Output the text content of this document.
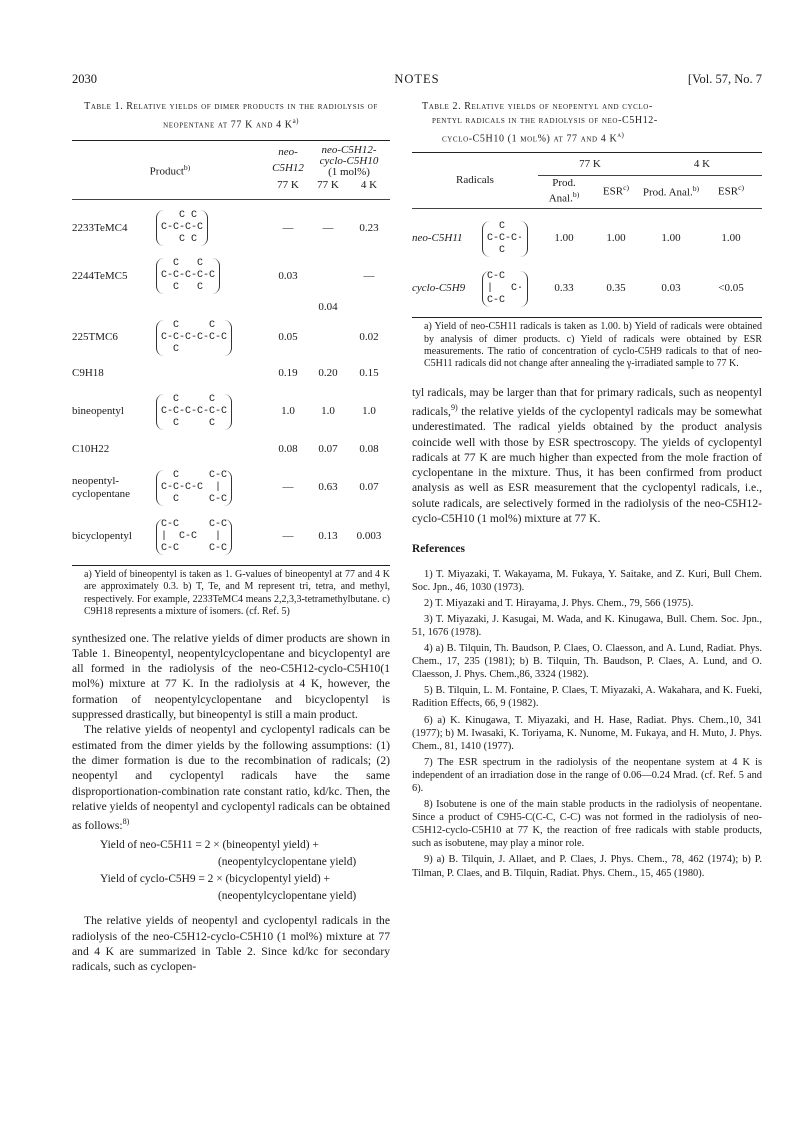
2030	NOTES	[Vol. 57, No. 7
Table 1. Relative yields of dimer products in the radiolysis of neopentane at 77 K and 4 $K^{a)}$
Product$^{b)}$		neo-C5H12	neo-C5H12-
cyclo-C5H10
(1 mol%)	
		77 K	77 K	4 K

2233TeMC4	C C
C-C-C-C
C C	—	—	0.23
2244TeMC5	C   C
C-C-C-C-C
C   C	0.03		—
			0.04	
225TMC6	C     C
C-C-C-C-C-C
C	0.05		0.02
C9H18		0.19	0.20	0.15
bineopentyl	C     C
C-C-C-C-C-C
C     C	1.0	1.0	1.0
C10H22		0.08	0.07	0.08
neopentyl-
cyclopentane	C     C-C
C-C-C-C  |
C     C-C	—	0.63	0.07
bicyclopentyl	C-C     C-C
|  C-C   |
C-C     C-C	—	0.13	0.003
a) Yield of bineopentyl is taken as 1. G-values of bineopentyl at 77 and 4 K are approximately 0.3. b) T, Te, and M represent tri, tetra, and methyl, respectively. For example, 2233TeMC4 means 2,2,3,3-tetramethylbutane. c) C9H18 represents a mixture of isomers. (cf. Ref. 5)

synthesized one. The relative yields of dimer products are shown in Table 1. Bineopentyl, neopentylcyclopentane and bicyclopentyl are all formed in the radiolysis of the neo-C5H12-cyclo-C5H10(1 mol%) mixture at 77 K. In the radiolysis at 4 K, however, the formation of neopentylcyclopentane and bicyclopentyl is suppressed drastically, but bineopentyl is still a main product.

The relative yields of neopentyl and cyclopentyl radicals can be estimated from the dimer yields by the following assumptions: (1) the dimer formation is due to the recombination of radicals; (2) neopentyl and cyclopentyl radicals have the same disproportionation-combination rate constant ratio, kd/kc. Then, the relative yields of neopentyl and cyclopentyl radicals can be obtained as follows:$^{8)}$

Yield of neo-C5H11 = 2 × (bineopentyl yield) +
(neopentylcyclopentane yield)
Yield of cyclo-C5H9 = 2 × (bicyclopentyl yield) +
(neopentylcyclopentane yield)

The relative yields of neopentyl and cyclopentyl radicals in the radiolysis of the neo-C5H12-cyclo-C5H10 (1 mol%) mixture at 77 and 4 K are summarized in Table 2. Since kd/kc for secondary radicals, such as cyclopen-

Table 2. Relative yields of neopentyl and cyclo-
pentyl radicals in the radiolysis of neo-C5H12-
cyclo-C5H10 (1 mol%) at 77 and 4 $K^{a)}$
Radicals		77 K		4 K	
		Prod. Anal.$^{b)}$	ESR$^{c)}$	Prod. Anal.$^{b)}$	ESR$^{c)}$

neo-C5H11	C
C-C-C·
C	1.00	1.00	1.00	1.00
cyclo-C5H9	C-C
|   C·
C-C	0.33	0.35	0.03	<0.05
a) Yield of neo-C5H11 radicals is taken as 1.00. b) Yield of radicals were obtained by analysis of dimer products. c) Yield of radicals were obtained by ESR measurements. The ratio of concentration of cyclo-C5H9 radicals to that of neo-C5H11 radicals did not change after annealing the γ-irradiated sample to 77 K.

tyl radicals, may be larger than that for primary radicals, such as neopentyl radicals,$^{9)}$ the relative yields of the cyclopentyl radicals may be somewhat underestimated. The radical yields obtained by the product analysis coincide well with those by ESR spectroscopy. The yields of cyclopentyl radicals at 77 K are much higher than expected from the mole fraction of cyclopentane in the mixture. Thus, it has been confirmed from product analysis as well as ESR measurement that the cyclopentyl radicals, i.e., solute radicals, are selectively formed in the radiolysis of the neo-C5H12-cyclo-C5H10 (1 mol%) mixture at 77 K.

References
1) T. Miyazaki, T. Wakayama, M. Fukaya, Y. Saitake, and Z. Kuri, Bull Chem. Soc. Jpn., 46, 1030 (1973).
2) T. Miyazaki and T. Hirayama, J. Phys. Chem., 79, 566 (1975).
3) T. Miyazaki, J. Kasugai, M. Wada, and K. Kinugawa, Bull. Chem. Soc. Jpn., 51, 1676 (1978).
4) a) B. Tilquin, Th. Baudson, P. Claes, O. Claesson, and A. Lund, Radiat. Phys. Chem., 17, 235 (1981); b) B. Tilquin, Th. Baudson, P. Claes, A. Lund, and O. Claesson, J. Phys. Chem.,86, 3324 (1982).
5) B. Tilquin, L. M. Fontaine, P. Claes, T. Miyazaki, A. Wakahara, and K. Fueki, Radition Effects, 66, 9 (1982).
6) a) K. Kinugawa, T. Miyazaki, and H. Hase, Radiat. Phys. Chem.,10, 341 (1977); b) M. Iwasaki, K. Toriyama, K. Nunome, M. Fukaya, and H. Muto, J. Phys. Chem., 81, 1410 (1977).
7) The ESR spectrum in the radiolysis of the neopentane system at 4 K is independent of an irradiation dose in the range of 0.06—0.24 Mrad. (cf. Ref. 5 and 6).
8) Isobutene is one of the main stable products in the radiolysis of neopentane. Since a product of C9H5-C(C-C, C-C) was not formed in the radiolysis of neo-C5H12-cyclo-C5H10 at 77 K, the reaction of free radicals with stable products, such as isobutene, may play a minor role.
9) a) B. Tilquin, J. Allaet, and P. Claes, J. Phys. Chem., 78, 462 (1974); b) P. Tilman, P. Claes, and B. Tilquin, Radiat. Phys. Chem., 15, 465 (1980).
